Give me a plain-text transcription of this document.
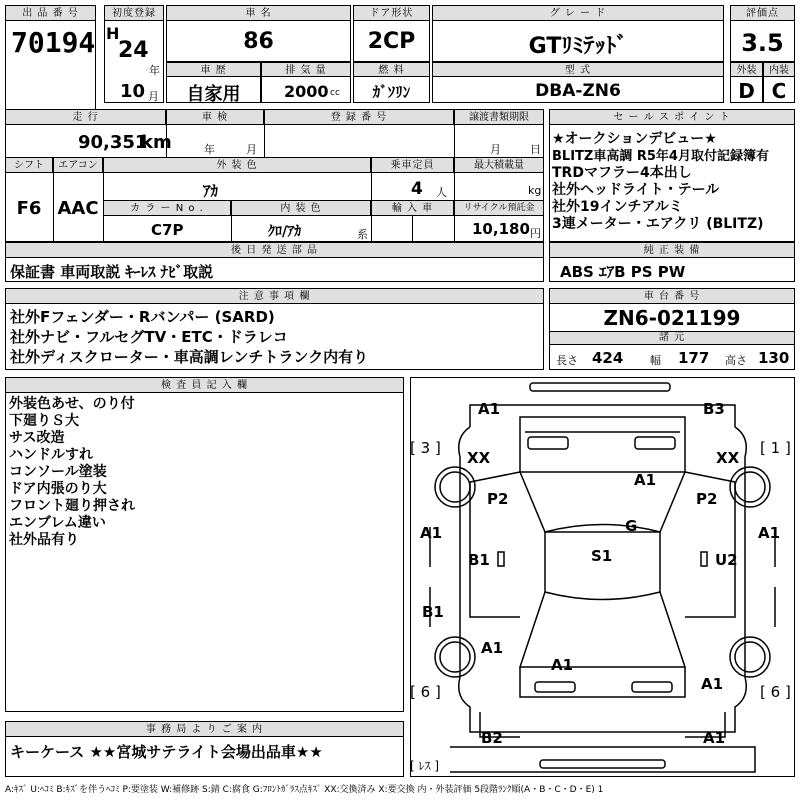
出 品 番 号
70194
初度登録
H
24
年
10 月
車 名
86
ドア形状
2CP
グ レ ー ド
GTﾘﾐﾃｯﾄﾞ
評価点
3.5
車 歴
自家用
排 気 量
2000 cc
燃 料
ｶﾞｿﾘﾝ
型 式
DBA-ZN6
外装
D
内装
C
走 行
90,351
km
車 検
年	月
登 録 番 号	譲渡書類期限
月	日
シフト
F6
エアコン
AAC
外 装 色
ｱｶ
乗車定員
4 人
最大積載量
kg
カ ラ ー N o .
C7P
内 装 色
ｸﾛ/ｱｶ	系
輸 入 車	リサイクル預託金
10,180 円
後 日 発 送 部 品
保証書 車両取説 ｷｰﾚｽ ﾅﾋﾞ取説
セ ー ル ス ポ イ ン ト
★オークションデビュー★
BLITZ車高調 R5年4月取付記録簿有
TRDマフラー4本出し
社外ヘッドライト・テール
社外19インチアルミ
3連メーター・エアクリ (BLITZ)
純 正 装 備
ABS ｴｱB PS PW
注 意 事 項 欄
社外Fフェンダー・Rバンパー (SARD)
社外ナビ・フルセグTV・ETC・ドラレコ
社外ディスクローター・車高調レンチトランク内有り
車 台 番 号
ZN6-021199
諸 元
長さ 424 幅 177 高さ 130
検 査 員 記 入 欄
外装色あせ、のり付
下廻りＳ大
サス改造
ハンドルすれ
コンソール塗装
ドア内張のり大
フロント廻り押され
エンブレム違い
社外品有り
[ 3 ]	[ 1 ]
[ 6 ]	[ 6 ]
[ ﾚｽ ]
A1	B3
XX	XX
A1
P2	P2
G
A1	A1
S1
B1	U2
B1
A1
A1
A1
B2	A1
事 務 局 よ り ご 案 内
キーケース ★★宮城サテライト会場出品車★★
A:ｷｽﾞ U:ﾍｺﾐ B:ｷｽﾞを伴うﾍｺﾐ P:要塗装 W:補修跡 S:錆 C:腐食 G:ﾌﾛﾝﾄｶﾞﾗｽ点ｷｽﾞ XX:交換済み X:要交換 内・外装評価 5段階ﾗﾝｸ順(A・B・C・D・E) 1
